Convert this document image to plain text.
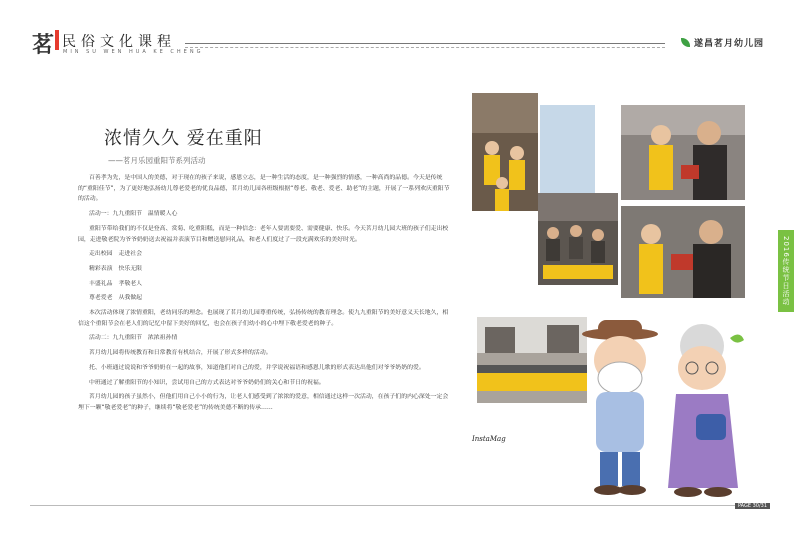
茗 民俗文化课程
MIN SU WEN HUA KE CHENG
遂昌茗月幼儿园
浓情久久 爱在重阳
——茗月乐园重阳节系列活动

百善孝为先，是中国人的美德，对于现在的孩子来说，感恩立志，是一种生活的态度，是一种强烈的情感，一种高尚的品德。今天是传统的“重阳佳节”，为了更好地弘扬幼儿尊老爱老的优良品德，茗月幼儿园各班级根据“尊老、敬老、爱老、助老”的主题，开展了一系列欢庆重阳节的活动。

活动一：九九重阳节　温情暖人心

重阳节带给我们的不仅是登高、赏菊、吃重阳糕，而是一种信念：老年人要需要爱、需要健康、快乐。今天茗月幼儿园大班的孩子们走出校园，走进敬老院为爷爷奶奶送去祝福并表演节目和赠送慰问礼品，和老人们度过了一段充满欢乐的美好时光。

走出校园　走进社会

精彩表演　快乐无限

丰盛礼品　孝敬老人

尊老爱老　从我做起

本次活动体现了浓情重阳，老幼同乐的理念。也展现了茗月幼儿园尊重传统，弘扬传统的教育理念。使九九重阳节的美好意义天长地久，相信这个重阳节会在老人们的记忆中留下美好的回忆，也会在孩子们幼小的心中埋下敬老爱老的种子。

活动二：九九重阳节　浓浓祖孙情

茗月幼儿园将传统教育和日常教育有机结合，开展了形式多样的活动。

托、小班通过说说和爷爷奶奶在一起的故事，知道他们对自己的爱，并学说祝福语和感恩儿歌的形式表达出他们对爷爷奶奶的爱。

中班通过了解重阳节的小知识，尝试用自己的方式表达对爷爷奶奶们的关心和节日的祝福。

茗月幼儿园的孩子虽然小，但他们用自己小小的行为，让老人们感受到了浓浓的爱意，相信通过这样一次活动，在孩子们的内心深处一定会埋下一颗“敬老爱老”的种子，继续将“敬老爱老”的传统美德不断的传承……

INSTAMAG · 遂昌茗月幼儿园
InstaMag
2016传统节日活动
PAGE 30/31
